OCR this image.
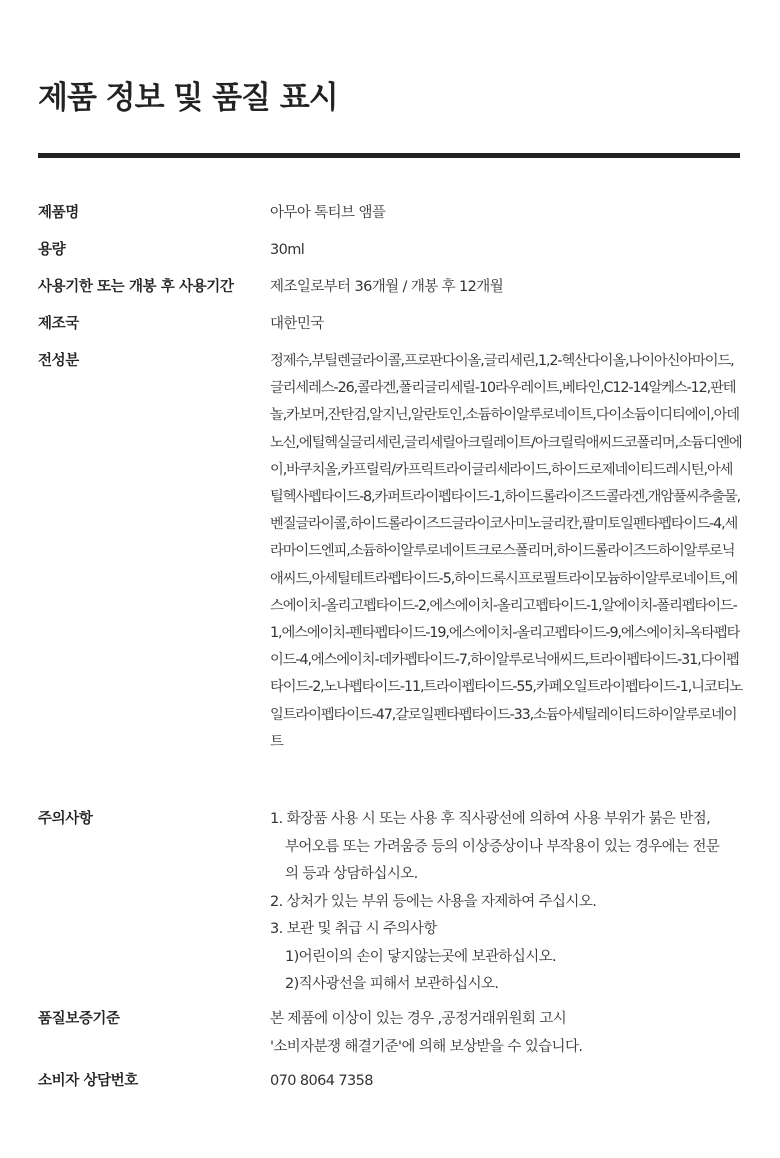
제품 정보 및 품질 표시
제품명	아무아 톡티브 앰플
용량	30ml
사용기한 또는 개봉 후 사용기간	제조일로부터 36개월 / 개봉 후 12개월
제조국	대한민국
전성분	정제수,부틸렌글라이콜,프로판다이올,글리세린,1,2-헥산다이올,나이아신아마이드,글리세레스-26,콜라겐,폴리글리세릴-10라우레이트,베타인,C12-14알케스-12,판테놀,카보머,잔탄검,알지닌,알란토인,소듐하이알루로네이트,다이소듐이디티에이,아데노신,에틸헥실글리세린,글리세릴아크릴레이트/아크릴릭애씨드코폴리머,소듐디엔에이,바쿠치올,카프릴릭/카프릭트라이글리세라이드,하이드로제네이티드레시틴,아세틸헥사펩타이드-8,카퍼트라이펩타이드-1,하이드롤라이즈드콜라겐,개암풀씨추출물,벤질글라이콜,하이드롤라이즈드글라이코사미노글리칸,팔미토일펜타펩타이드-4,세라마이드엔피,소듐하이알루로네이트크로스폴리머,하이드롤라이즈드하이알루로닉애씨드,아세틸테트라펩타이드-5,하이드록시프로필트라이모늄하이알루로네이트,에스에이치-올리고펩타이드-2,에스에이치-올리고펩타이드-1,알에이치-폴리펩타이드-1,에스에이치-펜타펩타이드-19,에스에이치-올리고펩타이드-9,에스에이치-옥타펩타이드-4,에스에이치-데카펩타이드-7,하이알루로닉애씨드,트라이펩타이드-31,다이펩타이드-2,노나펩타이드-11,트라이펩타이드-55,카페오일트라이펩타이드-1,니코티노일트라이펩타이드-47,갈로일펜타펩타이드-33,소듐아세틸레이티드하이알루로네이트
주의사항	1. 화장품 사용 시 또는 사용 후 직사광선에 의하여 사용 부위가 붉은 반점,

부어오름 또는 가려움증 등의 이상증상이나 부작용이 있는 경우에는 전문

의 등과 상담하십시오.

2. 상처가 있는 부위 등에는 사용을 자제하여 주십시오.

3. 보관 및 취급 시 주의사항

1)어린이의 손이 닿지않는곳에 보관하십시오.

2)직사광선을 피해서 보관하십시오.

품질보증기준	본 제품에 이상이 있는 경우 ,공정거래위원회 고시

'소비자분쟁 해결기준'에 의해 보상받을 수 있습니다.

소비자 상담번호	070 8064 7358
